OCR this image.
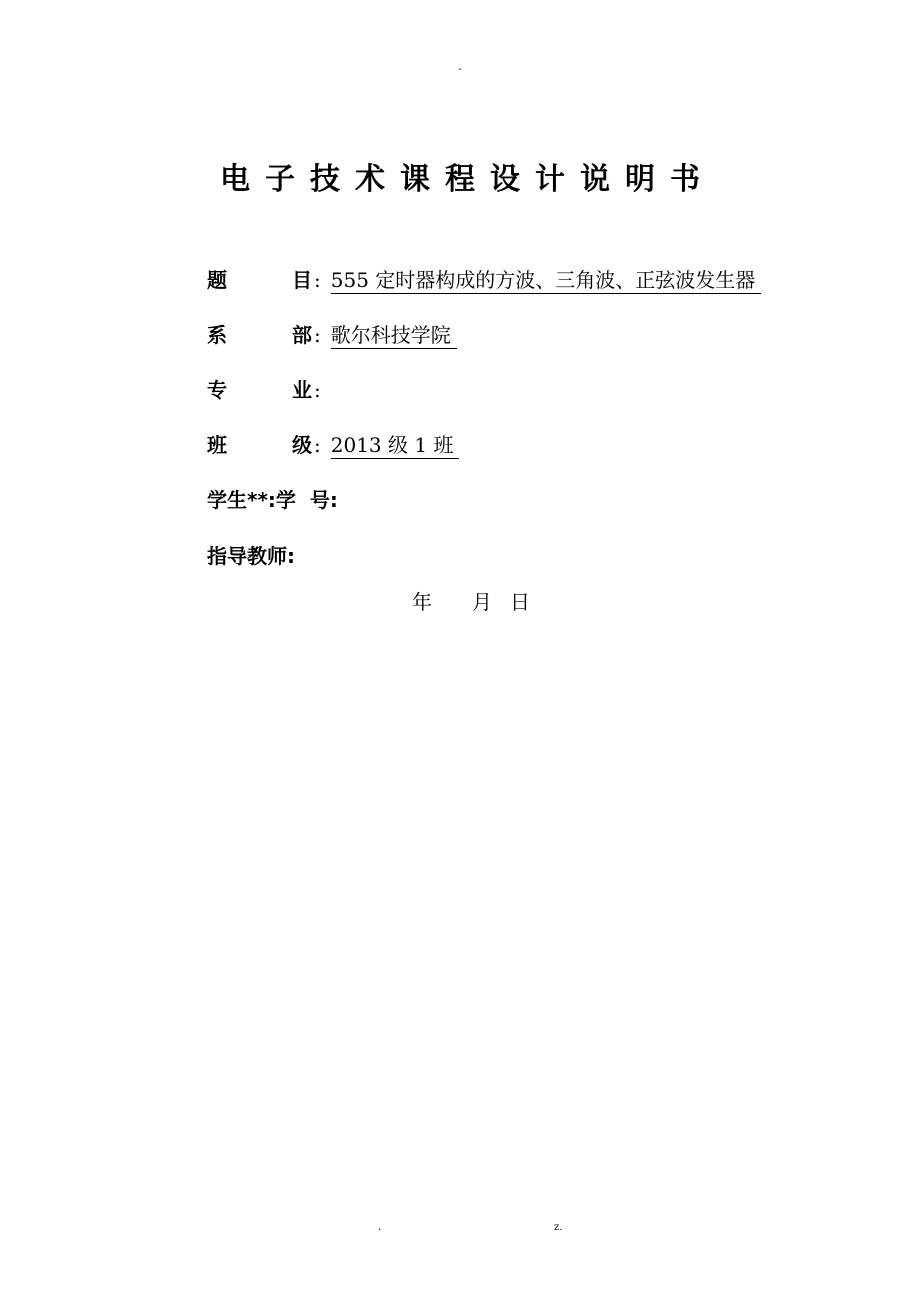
-
电子技术课程设计说明书
题	目 : 555 定时器构成的方波、三角波、正弦波发生器
系	部 : 歌尔科技学院
专	业 :
班	级 : 2013 级 1 班
学生**:学  号:
指导教师:
年 月 日
.	z.
